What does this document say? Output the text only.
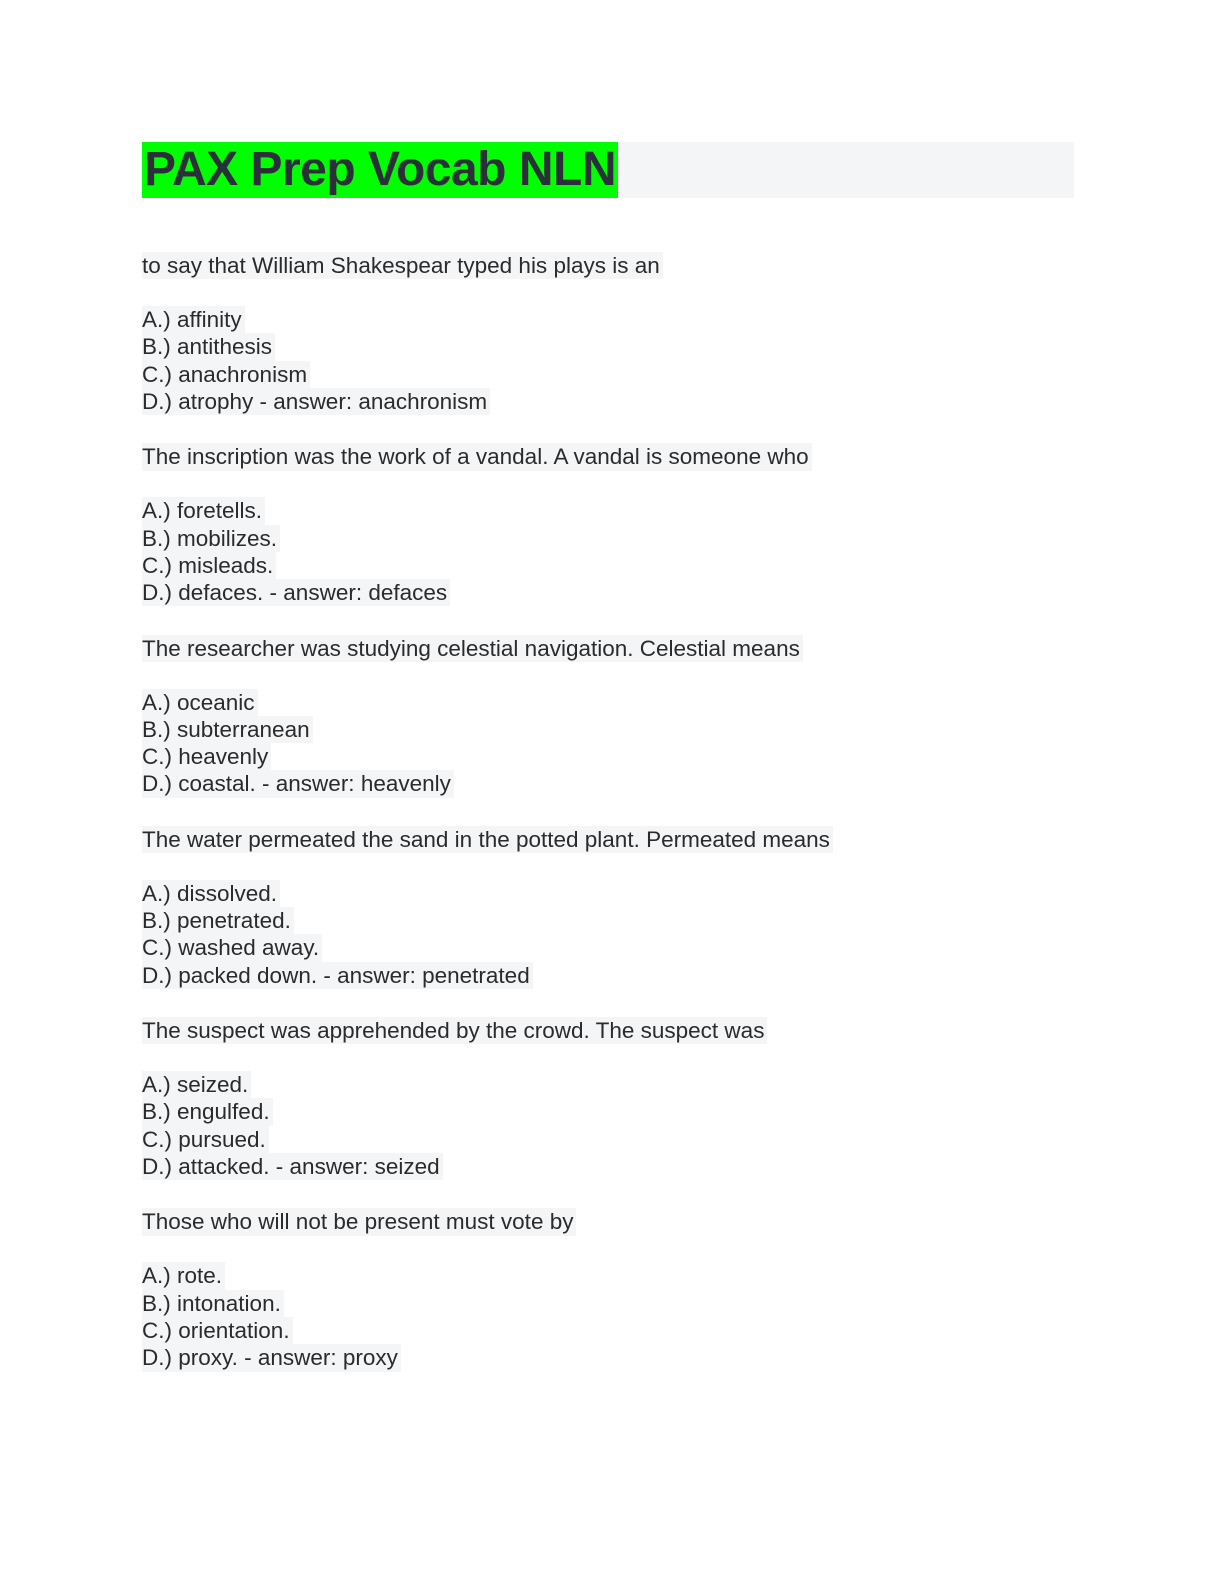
PAX Prep Vocab NLN
to say that William Shakespear typed his plays is an
A.) affinity
B.) antithesis
C.) anachronism
D.) atrophy - answer: anachronism
The inscription was the work of a vandal. A vandal is someone who
A.) foretells.
B.) mobilizes.
C.) misleads.
D.) defaces. - answer: defaces
The researcher was studying celestial navigation. Celestial means
A.) oceanic
B.) subterranean
C.) heavenly
D.) coastal. - answer: heavenly
The water permeated the sand in the potted plant. Permeated means
A.) dissolved.
B.) penetrated.
C.) washed away.
D.) packed down. - answer: penetrated
The suspect was apprehended by the crowd. The suspect was
A.) seized.
B.) engulfed.
C.) pursued.
D.) attacked. - answer: seized
Those who will not be present must vote by
A.) rote.
B.) intonation.
C.) orientation.
D.) proxy. - answer: proxy
